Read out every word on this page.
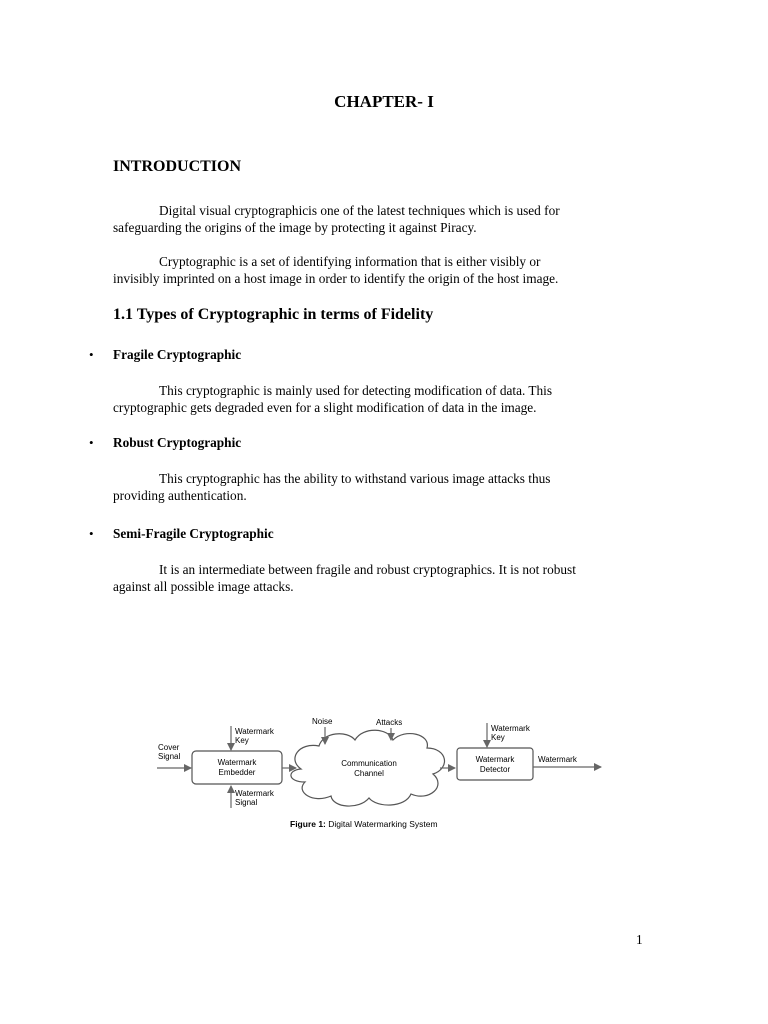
CHAPTER- I
INTRODUCTION
Digital visual cryptographicis one of the latest techniques which is used for
safeguarding the origins of the image by protecting it against Piracy.
Cryptographic is a set of identifying information that is either visibly or
invisibly imprinted on a host image in order to identify the origin of the host image.
1.1 Types of Cryptographic in terms of Fidelity
• Fragile Cryptographic
This cryptographic is mainly used for detecting modification of data. This
cryptographic gets degraded even for a slight modification of data in the image.
• Robust Cryptographic
This cryptographic has the ability to withstand various image attacks thus
providing authentication.
• Semi-Fragile Cryptographic
It is an intermediate between fragile and robust cryptographics. It is not robust
against all possible image attacks.
Cover
Signal
Watermark
Key
Watermark
Embedder
Watermark
Signal
Communication
Channel
Noise	Attacks
Watermark
Key
Watermark
Detector
Watermark
Figure 1: Digital Watermarking System
1
